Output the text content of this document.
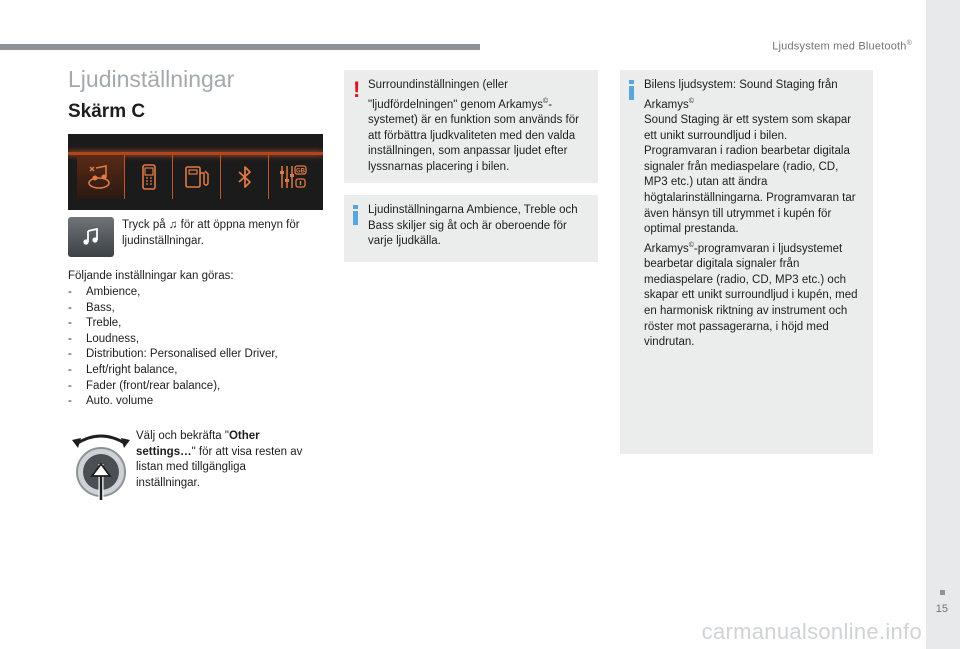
Ljudsystem med Bluetooth®
15
Ljudinställningar
Skärm C
GB

Tryck på ♫ för att öppna menyn för ljudinställningar.

Följande inställningar kan göras:

-	Ambience,
-	Bass,
-	Treble,
-	Loudness,
-	Distribution: Personalised eller Driver,
-	Left/right balance,
-	Fader (front/rear balance),
-	Auto. volume

Välj och bekräfta "Other settings…" för att visa resten av listan med tillgängliga inställningar.

! Surroundinställningen (eller "ljudfördelningen" genom Arkamys©-systemet) är en funktion som används för att förbättra ljudkvaliteten med den valda inställningen, som anpassar ljudet efter lyssnarnas placering i bilen.

Ljudinställningarna Ambience, Treble och Bass skiljer sig åt och är oberoende för varje ljudkälla.

Bilens ljudsystem: Sound Staging från Arkamys©

Sound Staging är ett system som skapar ett unikt surroundljud i bilen.

Programvaran i radion bearbetar digitala signaler från mediaspelare (radio, CD, MP3 etc.) utan att ändra högtalarinställningarna. Programvaran tar även hänsyn till utrymmet i kupén för optimal prestanda.

Arkamys©-programvaran i ljudsystemet bearbetar digitala signaler från mediaspelare (radio, CD, MP3 etc.) och skapar ett unikt surroundljud i kupén, med en harmonisk riktning av instrument och röster mot passagerarna, i höjd med vindrutan.

carmanualsonline.info
